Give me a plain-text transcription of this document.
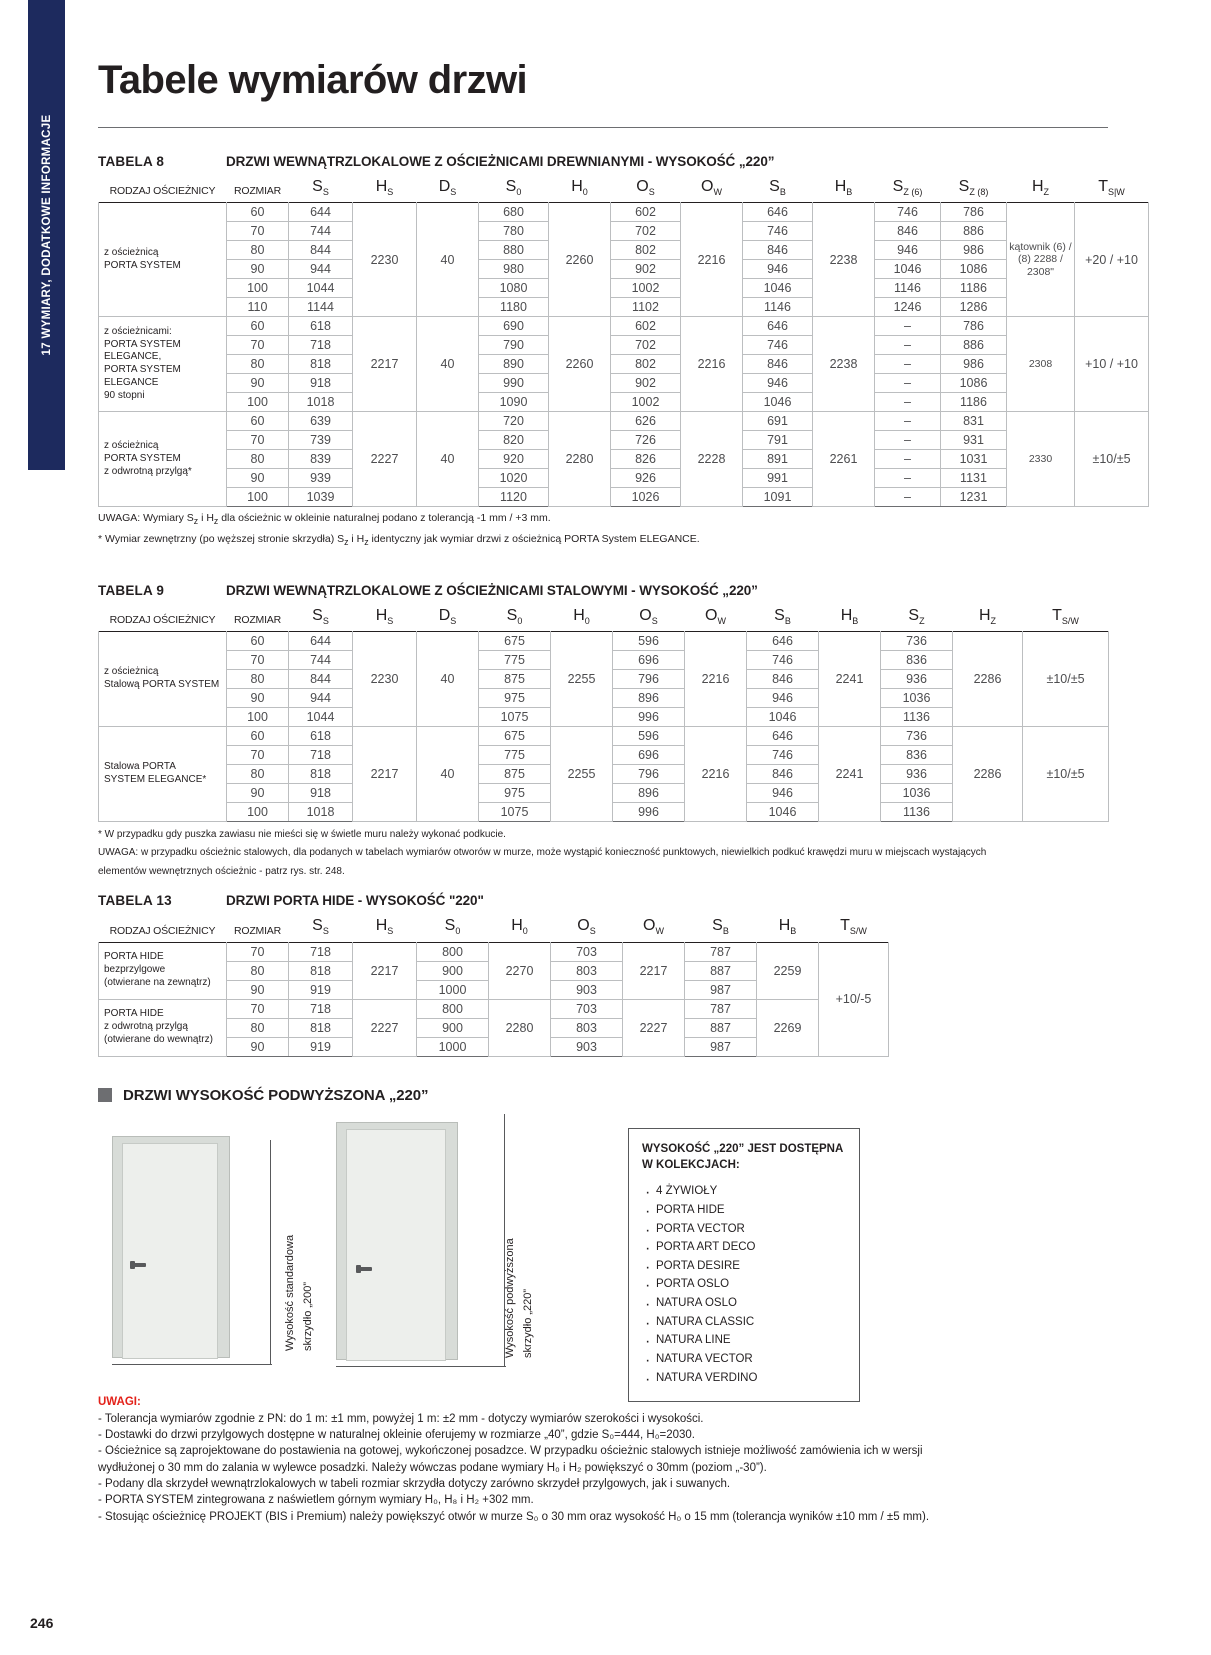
17 WYMIARY, DODATKOWE INFORMACJE
Tabele wymiarów drzwi
TABELA 8	DRZWI WEWNĄTRZLOKALOWE Z OŚCIEŻNICAMI DREWNIANYMI - WYSOKOŚĆ „220”
RODZAJ OŚCIEŻNICY	ROZMIAR	$S_S$	$H_S$	$D_S$	$S_0$	$H_0$	$O_S$	$O_W$	$S_B$	$H_B$	$S_{Z (6)}$	$S_{Z (8)}$	$H_Z$	$T_{S|W}$
z ościeżnicą
PORTA SYSTEM	60	644	2230	40	680	2260	602	2216	646	2238	746	786	kątownik (6) / (8) 2288 / 2308"	+20 / +10
	70	744			780		702		746		846	886		
	80	844			880		802		846		946	986		
	90	944			980		902		946		1046	1086		
	100	1044			1080		1002		1046		1146	1186		
	110	1144			1180		1102		1146		1246	1286		
z ościeżnicami:
PORTA SYSTEM
ELEGANCE,
PORTA SYSTEM
ELEGANCE
90 stopni	60	618	2217	40	690	2260	602	2216	646	2238	–	786	2308	+10 / +10
	70	718			790		702		746		–	886		
	80	818			890		802		846		–	986		
	90	918			990		902		946		–	1086		
	100	1018			1090		1002		1046		–	1186		
z ościeżnicą
PORTA SYSTEM
z odwrotną przylgą*	60	639	2227	40	720	2280	626	2228	691	2261	–	831	2330	±10/±5
	70	739			820		726		791		–	931		
	80	839			920		826		891		–	1031		
	90	939			1020		926		991		–	1131		
	100	1039			1120		1026		1091		–	1231		
UWAGA: Wymiary $S_z$ i $H_z$ dla ościeżnic w okleinie naturalnej podano z tolerancją -1 mm / +3 mm.
* Wymiar zewnętrzny (po węższej stronie skrzydła) $S_z$ i $H_z$ identyczny jak wymiar drzwi z ościeżnicą PORTA System ELEGANCE.
TABELA 9	DRZWI WEWNĄTRZLOKALOWE Z OŚCIEŻNICAMI STALOWYMI - WYSOKOŚĆ „220”
RODZAJ OŚCIEŻNICY	ROZMIAR	$S_S$	$H_S$	$D_S$	$S_0$	$H_0$	$O_S$	$O_W$	$S_B$	$H_B$	$S_Z$	$H_Z$	$T_{S/W}$
z ościeżnicą
Stalową PORTA SYSTEM	60	644	2230	40	675	2255	596	2216	646	2241	736	2286	±10/±5
	70	744			775		696		746		836		
	80	844			875		796		846		936		
	90	944			975		896		946		1036		
	100	1044			1075		996		1046		1136		
Stalowa PORTA
SYSTEM ELEGANCE*	60	618	2217	40	675	2255	596	2216	646	2241	736	2286	±10/±5
	70	718			775		696		746		836		
	80	818			875		796		846		936		
	90	918			975		896		946		1036		
	100	1018			1075		996		1046		1136		
* W przypadku gdy puszka zawiasu nie mieści się w świetle muru należy wykonać podkucie.
UWAGA: w przypadku ościeżnic stalowych, dla podanych w tabelach wymiarów otworów w murze, może wystąpić konieczność punktowych, niewielkich podkuć krawędzi muru w miejscach wystających
elementów wewnętrznych ościeżnic - patrz rys. str. 248.
TABELA 13	DRZWI PORTA HIDE - WYSOKOŚĆ "220"
RODZAJ OŚCIEŻNICY	ROZMIAR	$S_S$	$H_S$	$S_0$	$H_0$	$O_S$	$O_W$	$S_B$	$H_B$	$T_{S/W}$
PORTA HIDE
bezprzylgowe
(otwierane na zewnątrz)	70	718	2217	800	2270	703	2217	787	2259	+10/-5
	80	818		900		803		887		
	90	919		1000		903		987		
PORTA HIDE
z odwrotną przylgą
(otwierane do wewnątrz)	70	718	2227	800	2280	703	2227	787	2269	
	80	818		900		803		887		
	90	919		1000		903		987		
DRZWI WYSOKOŚĆ PODWYŻSZONA „220”
Wysokość standardowa skrzydło „200”	Wysokość podwyższona skrzydło „220”
WYSOKOŚĆ „220” JEST DOSTĘPNA
W KOLEKCJACH:
· 4 ŻYWIOŁY
· PORTA HIDE
· PORTA VECTOR
· PORTA ART DECO
· PORTA DESIRE
· PORTA OSLO
· NATURA OSLO
· NATURA CLASSIC
· NATURA LINE
· NATURA VECTOR
· NATURA VERDINO
UWAGI:

- Tolerancja wymiarów zgodnie z PN: do 1 m: ±1 mm, powyżej 1 m: ±2 mm - dotyczy wymiarów szerokości i wysokości.

- Dostawki do drzwi przylgowych dostępne w naturalnej okleinie oferujemy w rozmiarze „40”, gdzie S₀=444, H₀=2030.

- Ościeżnice są zaprojektowane do postawienia na gotowej, wykończonej posadzce. W przypadku ościeżnic stalowych istnieje możliwość zamówienia ich w wersji

wydłużonej o 30 mm do zalania w wylewce posadzki. Należy wówczas podane wymiary H₀ i H₂ powiększyć o 30mm (poziom „-30”).

- Podany dla skrzydeł wewnątrzlokalowych w tabeli rozmiar skrzydła dotyczy zarówno skrzydeł przylgowych, jak i suwanych.

- PORTA SYSTEM zintegrowana z naświetlem górnym wymiary H₀, H₈ i H₂ +302 mm.

- Stosując ościeżnicę PROJEKT (BIS i Premium) należy powiększyć otwór w murze S₀ o 30 mm oraz wysokość H₀ o 15 mm (tolerancja wyników ±10 mm / ±5 mm).

246
